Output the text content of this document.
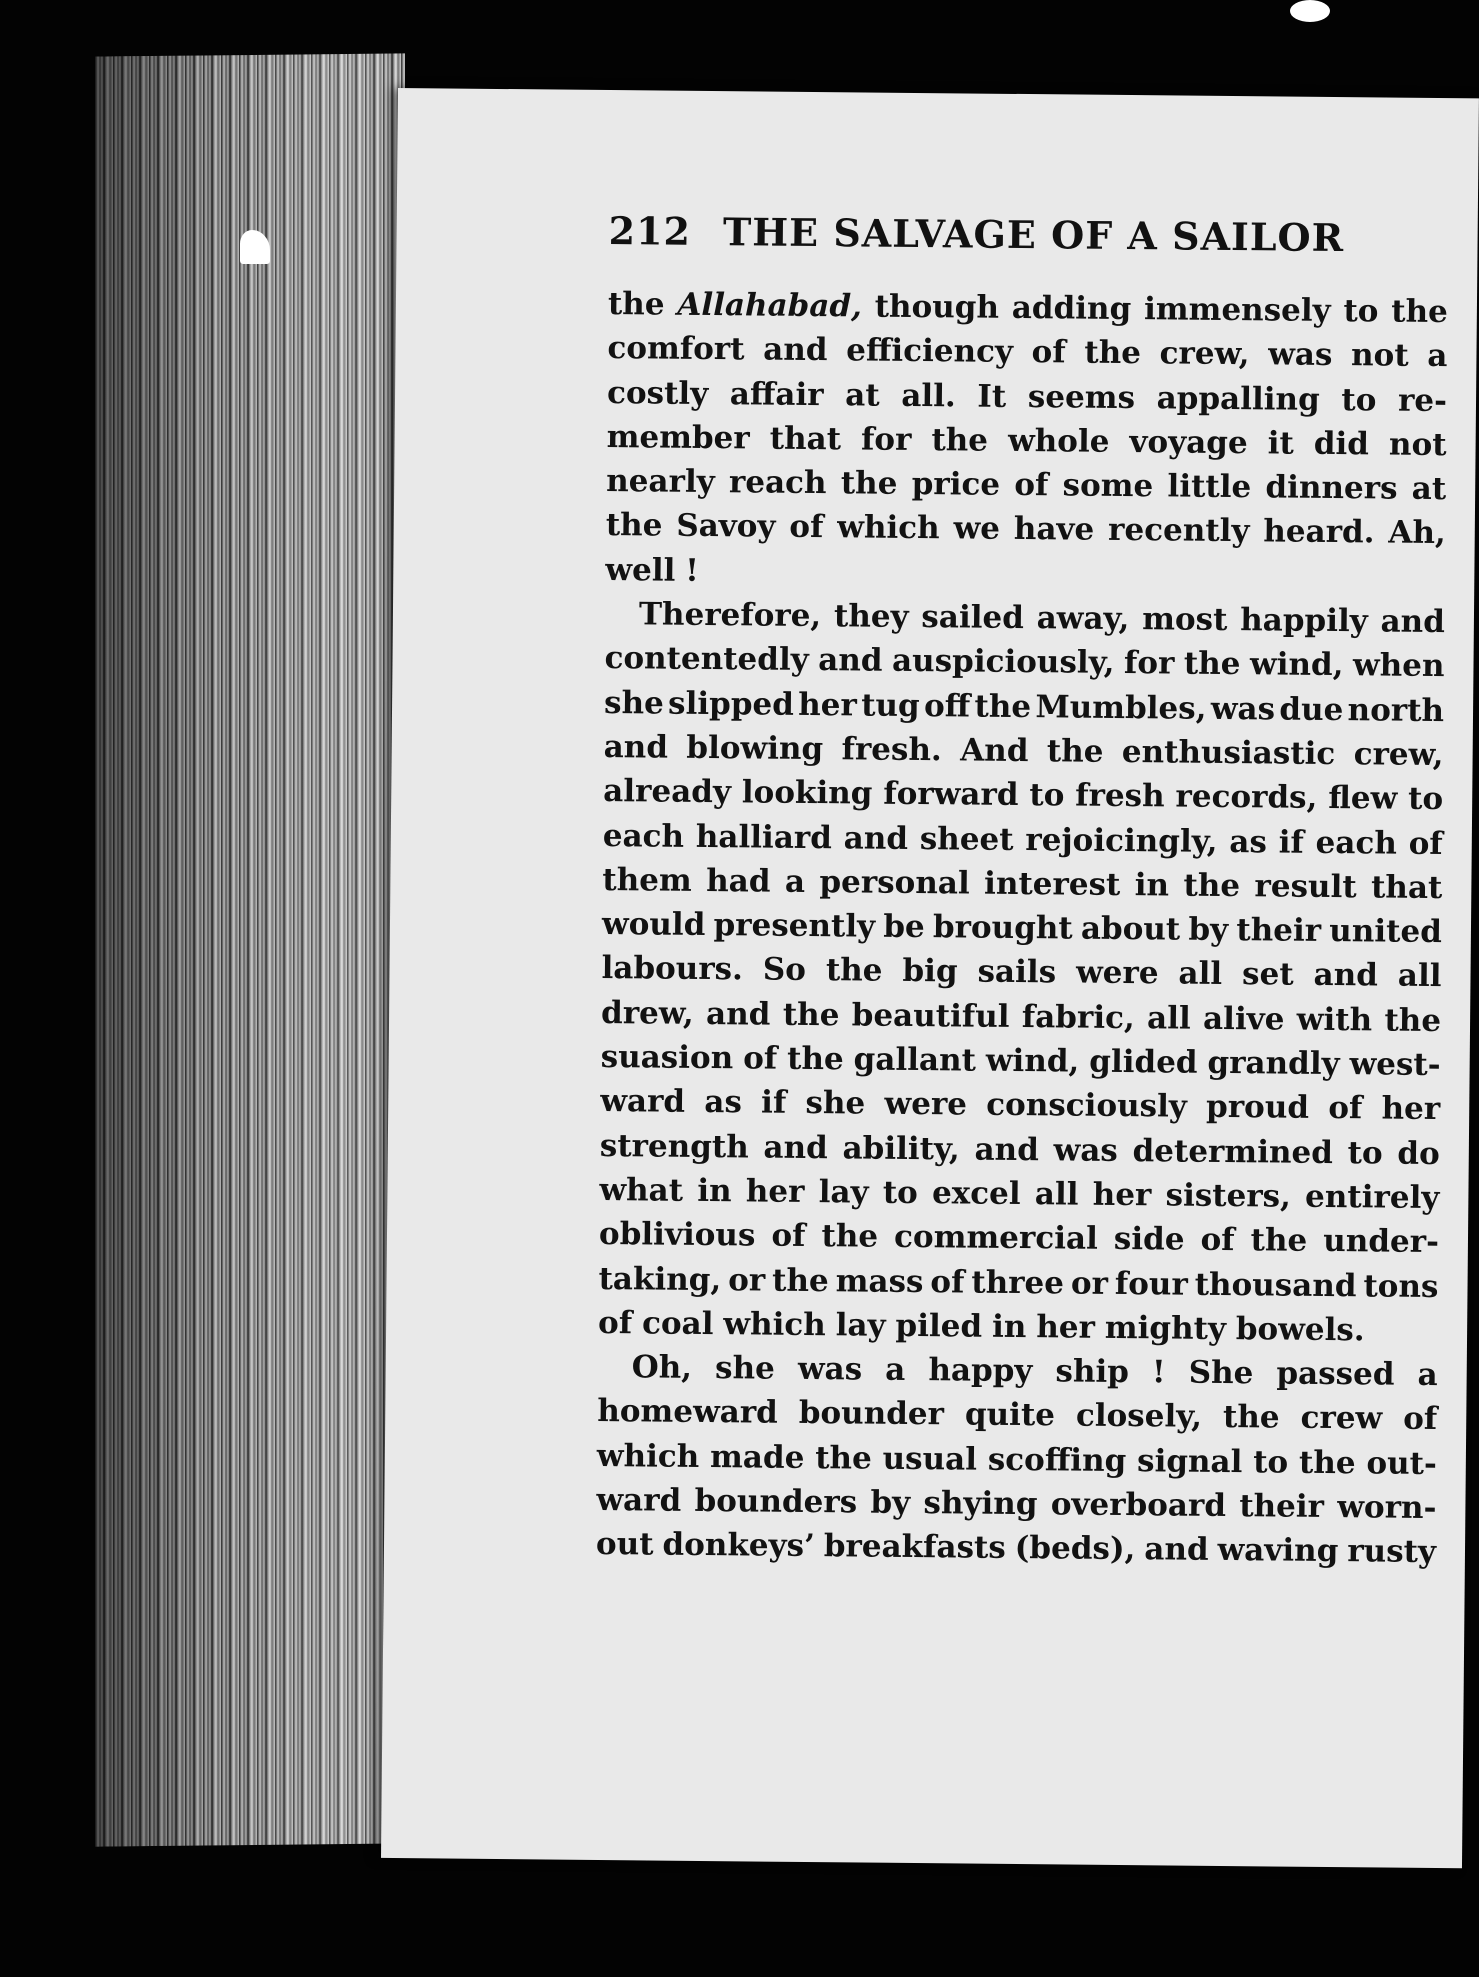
212 THE SALVAGE OF A SAILOR
the Allahabad, though adding immensely to the
comfort and efficiency of the crew, was not a
costly affair at all. It seems appalling to re-
member that for the whole voyage it did not
nearly reach the price of some little dinners at
the Savoy of which we have recently heard. Ah,
well !
Therefore, they sailed away, most happily and
contentedly and auspiciously, for the wind, when
she slipped her tug off the Mumbles, was due north
and blowing fresh. And the enthusiastic crew,
already looking forward to fresh records, flew to
each halliard and sheet rejoicingly, as if each of
them had a personal interest in the result that
would presently be brought about by their united
labours. So the big sails were all set and all
drew, and the beautiful fabric, all alive with the
suasion of the gallant wind, glided grandly west-
ward as if she were consciously proud of her
strength and ability, and was determined to do
what in her lay to excel all her sisters, entirely
oblivious of the commercial side of the under-
taking, or the mass of three or four thousand tons
of coal which lay piled in her mighty bowels.
Oh, she was a happy ship ! She passed a
homeward bounder quite closely, the crew of
which made the usual scoffing signal to the out-
ward bounders by shying overboard their worn-
out donkeys’ breakfasts (beds), and waving rusty
